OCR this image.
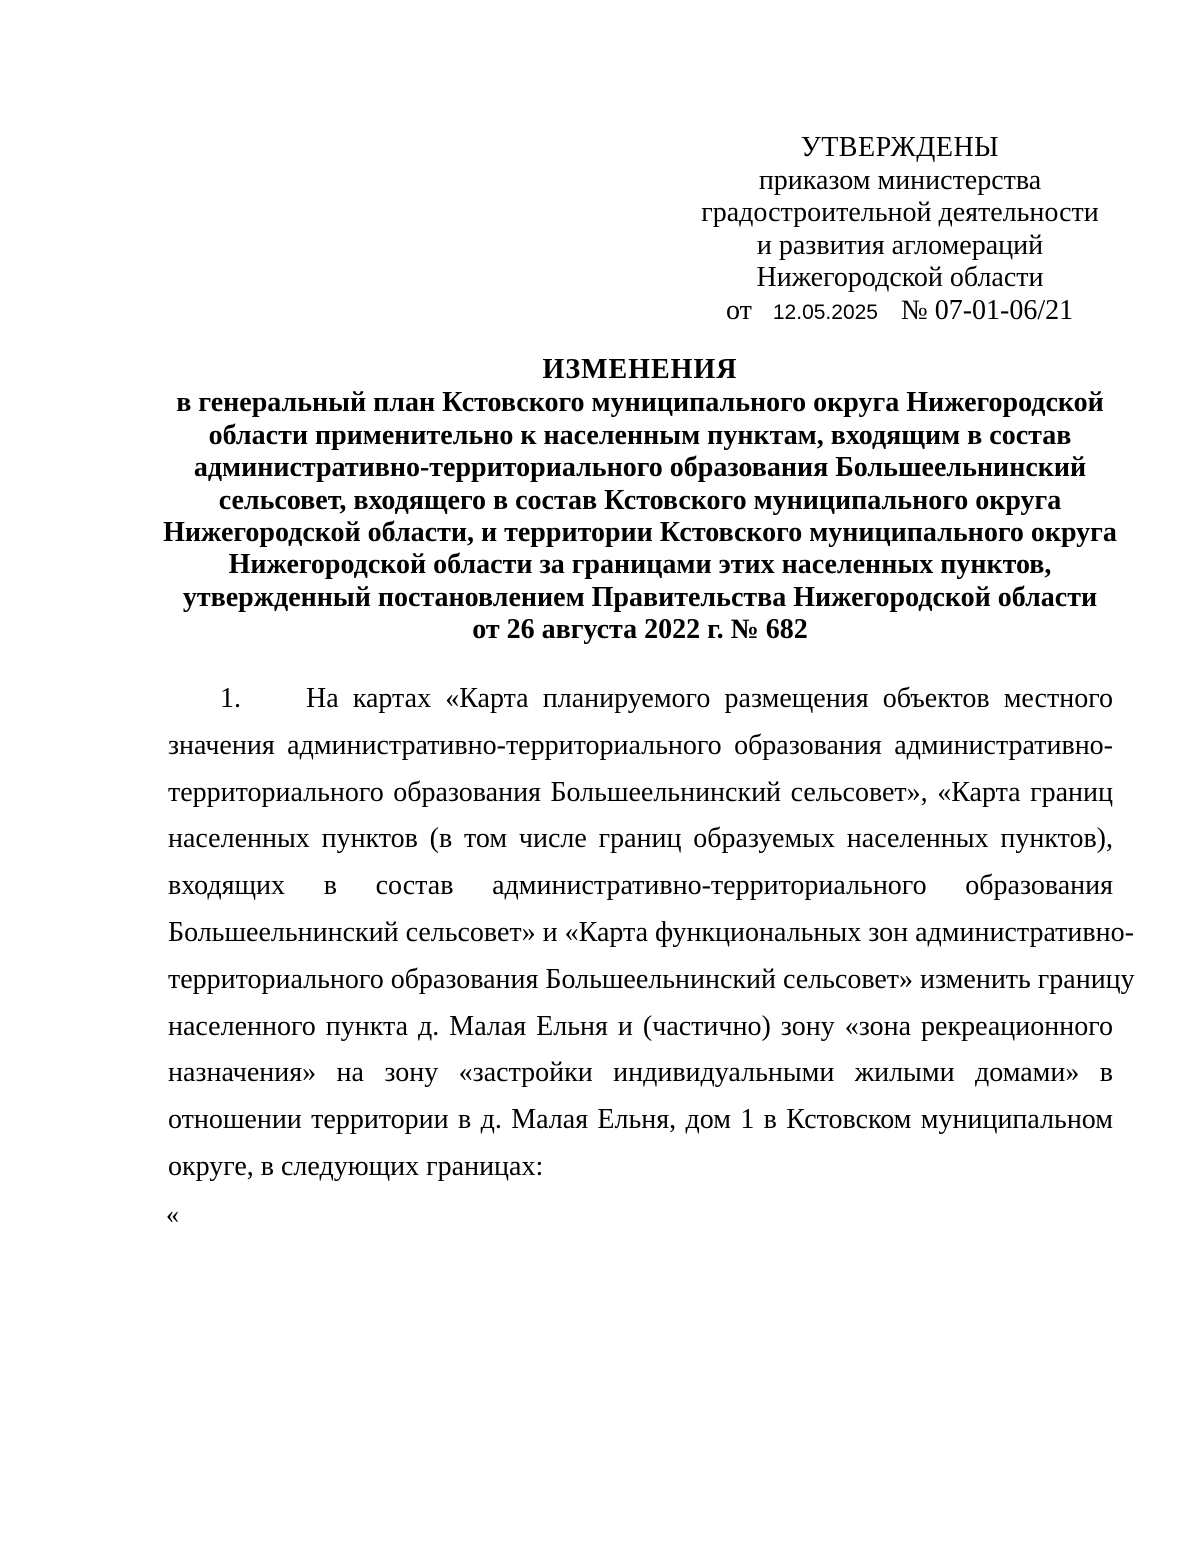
УТВЕРЖДЕНЫ
приказом министерства
градостроительной деятельности
и развития агломераций
Нижегородской области
от 12.05.2025 № 07-01-06/21
ИЗМЕНЕНИЯ
в генеральный план Кстовского муниципального округа Нижегородской
области применительно к населенным пунктам, входящим в состав
административно-территориального образования Большеельнинский
сельсовет, входящего в состав Кстовского муниципального округа
Нижегородской области, и территории Кстовского муниципального округа
Нижегородской области за границами этих населенных пунктов,
утвержденный постановлением Правительства Нижегородской области
от 26 августа 2022 г. № 682
1. На картах «Карта планируемого размещения объектов местного
значения административно-территориального образования административно-
территориального образования Большеельнинский сельсовет», «Карта границ
населенных пунктов (в том числе границ образуемых населенных пунктов),
входящих в состав административно-территориального образования
Большеельнинский сельсовет» и «Карта функциональных зон административно-
территориального образования Большеельнинский сельсовет» изменить границу
населенного пункта д. Малая Ельня и (частично) зону «зона рекреационного
назначения» на зону «застройки индивидуальными жилыми домами» в
отношении территории в д. Малая Ельня, дом 1 в Кстовском муниципальном
округе, в следующих границах:
«
